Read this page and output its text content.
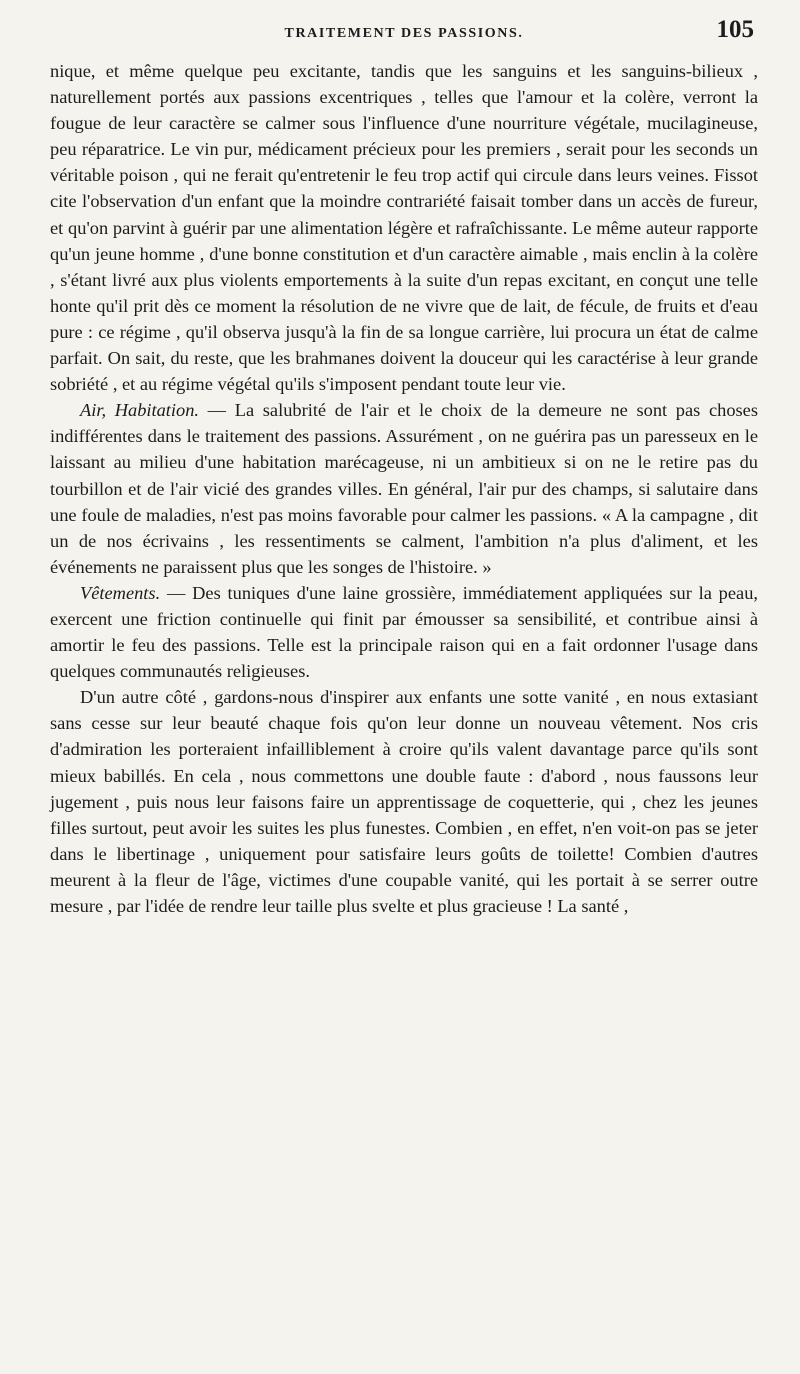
TRAITEMENT DES PASSIONS.	105

nique, et même quelque peu excitante, tandis que les sanguins et les sanguins-bilieux , naturellement portés aux passions excentriques , telles que l'amour et la colère, verront la fougue de leur caractère se calmer sous l'influence d'une nourriture végétale, mucilagineuse, peu réparatrice. Le vin pur, médicament précieux pour les premiers , serait pour les seconds un véritable poison , qui ne ferait qu'entretenir le feu trop actif qui circule dans leurs veines. Fissot cite l'observation d'un enfant que la moindre contrariété faisait tomber dans un accès de fureur, et qu'on parvint à guérir par une alimentation légère et rafraîchissante. Le même auteur rapporte qu'un jeune homme , d'une bonne constitution et d'un caractère aimable , mais enclin à la colère , s'étant livré aux plus violents emportements à la suite d'un repas excitant, en conçut une telle honte qu'il prit dès ce moment la résolution de ne vivre que de lait, de fécule, de fruits et d'eau pure : ce régime , qu'il observa jusqu'à la fin de sa longue carrière, lui procura un état de calme parfait. On sait, du reste, que les brahmanes doivent la douceur qui les caractérise à leur grande sobriété , et au régime végétal qu'ils s'imposent pendant toute leur vie.

Air, Habitation. — La salubrité de l'air et le choix de la demeure ne sont pas choses indifférentes dans le traitement des passions. Assurément , on ne guérira pas un paresseux en le laissant au milieu d'une habitation marécageuse, ni un ambitieux si on ne le retire pas du tourbillon et de l'air vicié des grandes villes. En général, l'air pur des champs, si salutaire dans une foule de maladies, n'est pas moins favorable pour calmer les passions. « A la campagne , dit un de nos écrivains , les ressentiments se calment, l'ambition n'a plus d'aliment, et les événements ne paraissent plus que les songes de l'histoire. »

Vêtements. — Des tuniques d'une laine grossière, immédiatement appliquées sur la peau, exercent une friction continuelle qui finit par émousser sa sensibilité, et contribue ainsi à amortir le feu des passions. Telle est la principale raison qui en a fait ordonner l'usage dans quelques communautés religieuses.

D'un autre côté , gardons-nous d'inspirer aux enfants une sotte vanité , en nous extasiant sans cesse sur leur beauté chaque fois qu'on leur donne un nouveau vêtement. Nos cris d'admiration les porteraient infailliblement à croire qu'ils valent davantage parce qu'ils sont mieux babillés. En cela , nous commettons une double faute : d'abord , nous faussons leur jugement , puis nous leur faisons faire un apprentissage de coquetterie, qui , chez les jeunes filles surtout, peut avoir les suites les plus funestes. Combien , en effet, n'en voit-on pas se jeter dans le libertinage , uniquement pour satisfaire leurs goûts de toilette! Combien d'autres meurent à la fleur de l'âge, victimes d'une coupable vanité, qui les portait à se serrer outre mesure , par l'idée de rendre leur taille plus svelte et plus gracieuse ! La santé ,
